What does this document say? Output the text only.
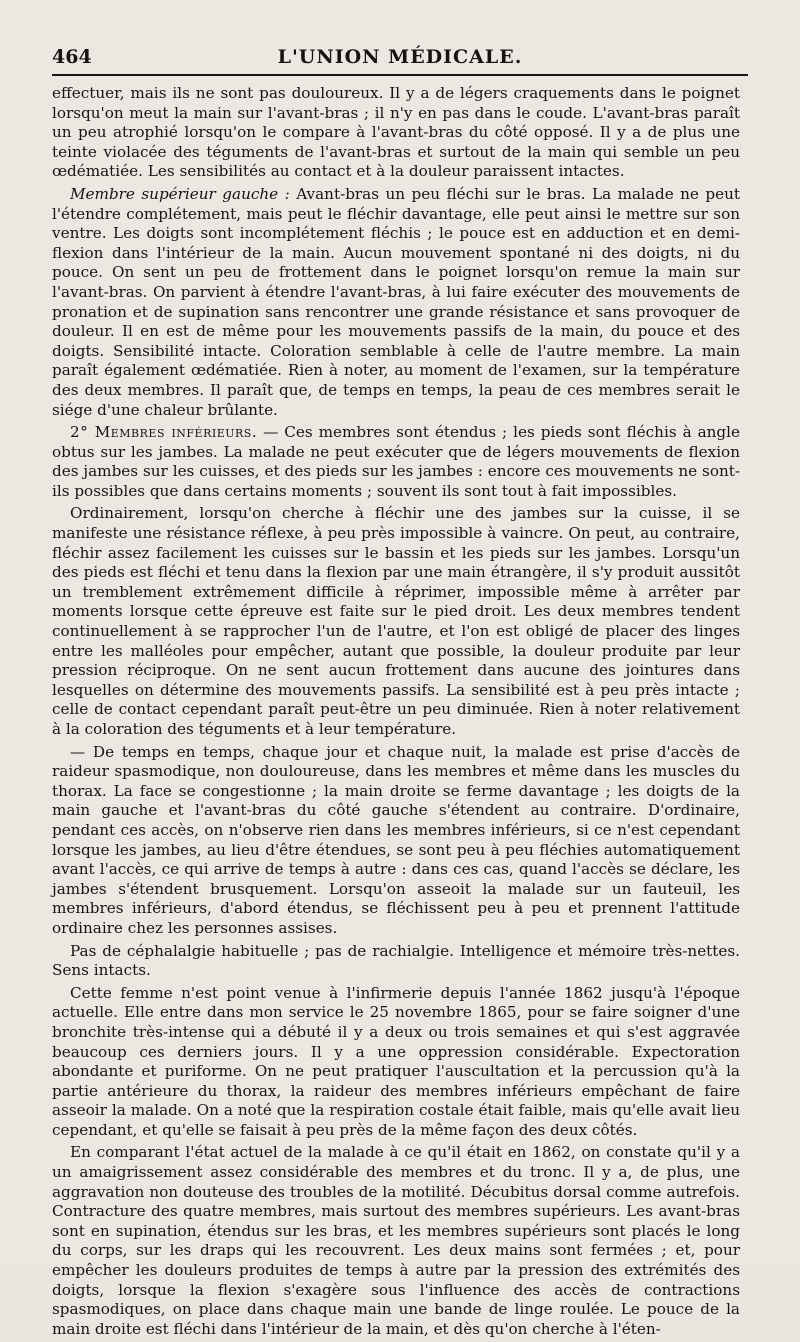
464	L'UNION MÉDICALE.

effectuer, mais ils ne sont pas douloureux. Il y a de légers craquements dans le poignet lorsqu'on meut la main sur l'avant-bras ; il n'y en pas dans le coude. L'avant-bras paraît un peu atrophié lorsqu'on le compare à l'avant-bras du côté opposé. Il y a de plus une teinte violacée des téguments de l'avant-bras et surtout de la main qui semble un peu œdématiée. Les sensibilités au contact et à la douleur paraissent intactes.

Membre supérieur gauche : Avant-bras un peu fléchi sur le bras. La malade ne peut l'étendre complétement, mais peut le fléchir davantage, elle peut ainsi le mettre sur son ventre. Les doigts sont incomplétement fléchis ; le pouce est en adduction et en demi-flexion dans l'intérieur de la main. Aucun mouvement spontané ni des doigts, ni du pouce. On sent un peu de frottement dans le poignet lorsqu'on remue la main sur l'avant-bras. On parvient à étendre l'avant-bras, à lui faire exécuter des mouvements de pronation et de supination sans rencontrer une grande résistance et sans provoquer de douleur. Il en est de même pour les mouvements passifs de la main, du pouce et des doigts. Sensibilité intacte. Coloration semblable à celle de l'autre membre. La main paraît également œdématiée. Rien à noter, au moment de l'examen, sur la température des deux membres. Il paraît que, de temps en temps, la peau de ces membres serait le siége d'une chaleur brûlante.

2° Membres inférieurs. — Ces membres sont étendus ; les pieds sont fléchis à angle obtus sur les jambes. La malade ne peut exécuter que de légers mouvements de flexion des jambes sur les cuisses, et des pieds sur les jambes : encore ces mouvements ne sont-ils possibles que dans certains moments ; souvent ils sont tout à fait impossibles.

Ordinairement, lorsqu'on cherche à fléchir une des jambes sur la cuisse, il se manifeste une résistance réflexe, à peu près impossible à vaincre. On peut, au contraire, fléchir assez facilement les cuisses sur le bassin et les pieds sur les jambes. Lorsqu'un des pieds est fléchi et tenu dans la flexion par une main étrangère, il s'y produit aussitôt un tremblement extrêmement difficile à réprimer, impossible même à arrêter par moments lorsque cette épreuve est faite sur le pied droit. Les deux membres tendent continuellement à se rapprocher l'un de l'autre, et l'on est obligé de placer des linges entre les malléoles pour empêcher, autant que possible, la douleur produite par leur pression réciproque. On ne sent aucun frottement dans aucune des jointures dans lesquelles on détermine des mouvements passifs. La sensibilité est à peu près intacte ; celle de contact cependant paraît peut-être un peu diminuée. Rien à noter relativement à la coloration des téguments et à leur température.

— De temps en temps, chaque jour et chaque nuit, la malade est prise d'accès de raideur spasmodique, non douloureuse, dans les membres et même dans les muscles du thorax. La face se congestionne ; la main droite se ferme davantage ; les doigts de la main gauche et l'avant-bras du côté gauche s'étendent au contraire. D'ordinaire, pendant ces accès, on n'observe rien dans les membres inférieurs, si ce n'est cependant lorsque les jambes, au lieu d'être étendues, se sont peu à peu fléchies automatiquement avant l'accès, ce qui arrive de temps à autre : dans ces cas, quand l'accès se déclare, les jambes s'étendent brusquement. Lorsqu'on asseoit la malade sur un fauteuil, les membres inférieurs, d'abord étendus, se fléchissent peu à peu et prennent l'attitude ordinaire chez les personnes assises.

Pas de céphalalgie habituelle ; pas de rachialgie. Intelligence et mémoire très-nettes. Sens intacts.

Cette femme n'est point venue à l'infirmerie depuis l'année 1862 jusqu'à l'époque actuelle. Elle entre dans mon service le 25 novembre 1865, pour se faire soigner d'une bronchite très-intense qui a débuté il y a deux ou trois semaines et qui s'est aggravée beaucoup ces derniers jours. Il y a une oppression considérable. Expectoration abondante et puriforme. On ne peut pratiquer l'auscultation et la percussion qu'à la partie antérieure du thorax, la raideur des membres inférieurs empêchant de faire asseoir la malade. On a noté que la respiration costale était faible, mais qu'elle avait lieu cependant, et qu'elle se faisait à peu près de la même façon des deux côtés.

En comparant l'état actuel de la malade à ce qu'il était en 1862, on constate qu'il y a un amaigrissement assez considérable des membres et du tronc. Il y a, de plus, une aggravation non douteuse des troubles de la motilité. Décubitus dorsal comme autrefois. Contracture des quatre membres, mais surtout des membres supérieurs. Les avant-bras sont en supination, étendus sur les bras, et les membres supérieurs sont placés le long du corps, sur les draps qui les recouvrent. Les deux mains sont fermées ; et, pour empêcher les douleurs produites de temps à autre par la pression des extrémités des doigts, lorsque la flexion s'exagère sous l'influence des accès de contractions spasmodiques, on place dans chaque main une bande de linge roulée. Le pouce de la main droite est fléchi dans l'intérieur de la main, et dès qu'on cherche à l'éten-
